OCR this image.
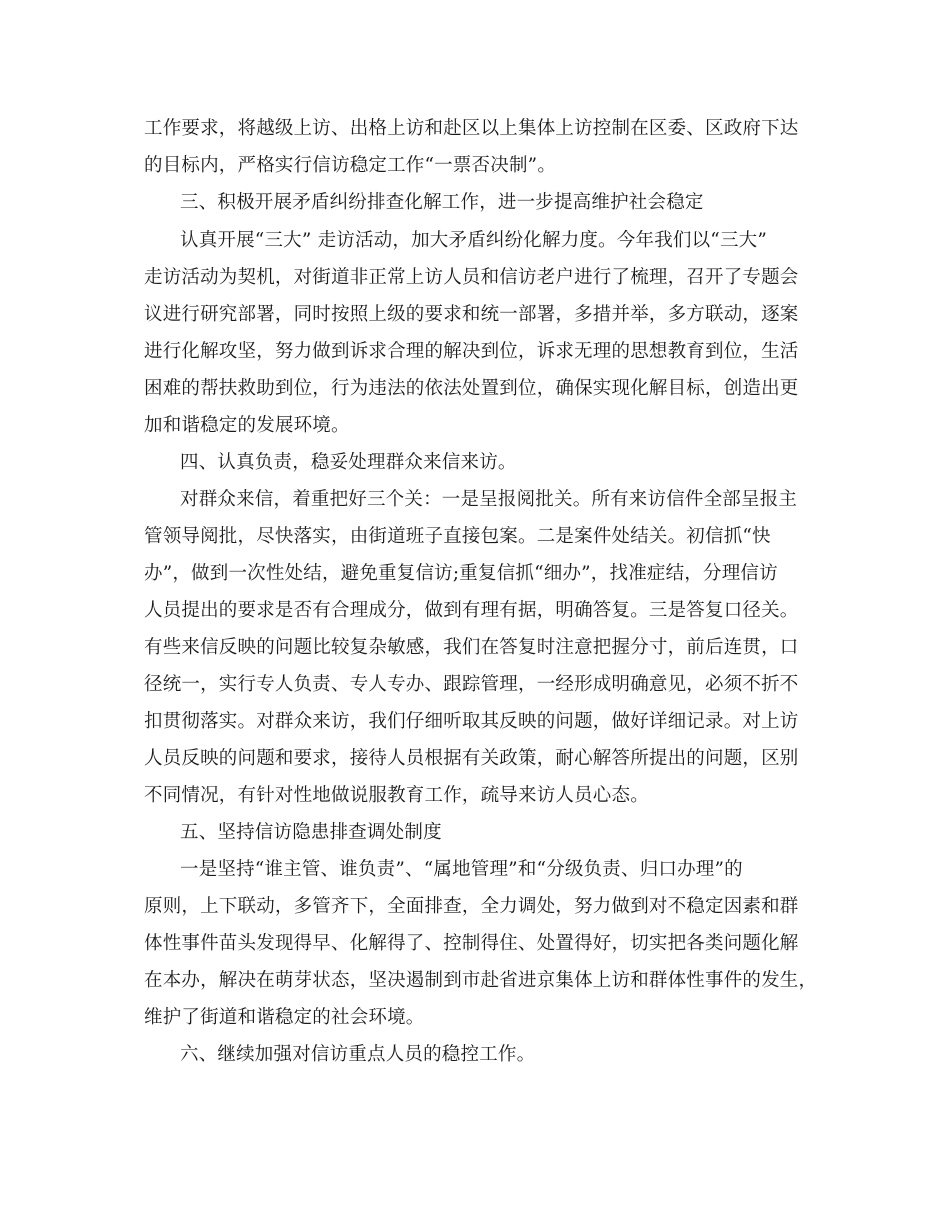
工作要求，将越级上访、出格上访和赴区以上集体上访控制在区委、区政府下达

的目标内，严格实行信访稳定工作“一票否决制”。

三、积极开展矛盾纠纷排查化解工作，进一步提高维护社会稳定

认真开展“三大” 走访活动，加大矛盾纠纷化解力度。今年我们以“三大”

走访活动为契机，对街道非正常上访人员和信访老户进行了梳理，召开了专题会

议进行研究部署，同时按照上级的要求和统一部署，多措并举，多方联动，逐案

进行化解攻坚，努力做到诉求合理的解决到位，诉求无理的思想教育到位，生活

困难的帮扶救助到位，行为违法的依法处置到位，确保实现化解目标，创造出更

加和谐稳定的发展环境。

四、认真负责，稳妥处理群众来信来访。

对群众来信，着重把好三个关：一是呈报阅批关。所有来访信件全部呈报主

管领导阅批，尽快落实，由街道班子直接包案。二是案件处结关。初信抓“快

办”，做到一次性处结，避免重复信访;重复信抓“细办”，找准症结，分理信访

人员提出的要求是否有合理成分，做到有理有据，明确答复。三是答复口径关。

有些来信反映的问题比较复杂敏感，我们在答复时注意把握分寸，前后连贯，口

径统一，实行专人负责、专人专办、跟踪管理，一经形成明确意见，必须不折不

扣贯彻落实。对群众来访，我们仔细听取其反映的问题，做好详细记录。对上访

人员反映的问题和要求，接待人员根据有关政策，耐心解答所提出的问题，区别

不同情况，有针对性地做说服教育工作，疏导来访人员心态。

五、坚持信访隐患排查调处制度

一是坚持“谁主管、谁负责”、“属地管理”和“分级负责、归口办理”的

原则，上下联动，多管齐下，全面排查，全力调处，努力做到对不稳定因素和群

体性事件苗头发现得早、化解得了、控制得住、处置得好，切实把各类问题化解

在本办，解决在萌芽状态，坚决遏制到市赴省进京集体上访和群体性事件的发生，

维护了街道和谐稳定的社会环境。

六、继续加强对信访重点人员的稳控工作。
